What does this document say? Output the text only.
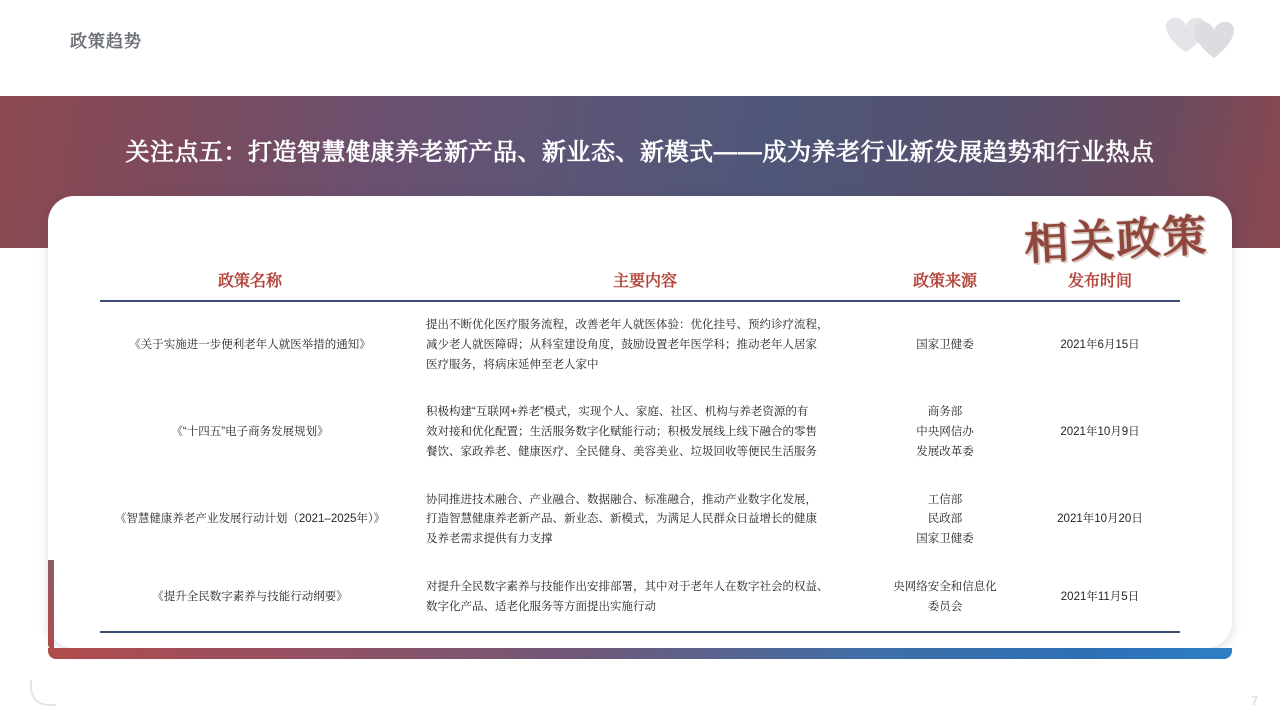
政策趋势
关注点五：打造智慧健康养老新产品、新业态、新模式——成为养老行业新发展趋势和行业热点
相关政策
政策名称	主要内容	政策来源	发布时间
《关于实施进一步便利老年人就医举措的通知》	提出不断优化医疗服务流程，改善老年人就医体验：优化挂号、预约诊疗流程，
减少老人就医障碍；从科室建设角度，鼓励设置老年医学科；推动老年人居家
医疗服务，将病床延伸至老人家中	国家卫健委	2021年6月15日
《“十四五”电子商务发展规划》	积极构建“互联网+养老”模式，实现个人、家庭、社区、机构与养老资源的有
效对接和优化配置；生活服务数字化赋能行动；积极发展线上线下融合的零售
餐饮、家政养老、健康医疗、全民健身、美容美业、垃圾回收等便民生活服务	商务部
中央网信办
发展改革委	2021年10月9日
《智慧健康养老产业发展行动计划（2021–2025年）》	协同推进技术融合、产业融合、数据融合、标准融合，推动产业数字化发展，
打造智慧健康养老新产品、新业态、新模式，为满足人民群众日益增长的健康
及养老需求提供有力支撑	工信部
民政部
国家卫健委	2021年10月20日
《提升全民数字素养与技能行动纲要》	对提升全民数字素养与技能作出安排部署，其中对于老年人在数字社会的权益、
数字化产品、适老化服务等方面提出实施行动	央网络安全和信息化
委员会	2021年11月5日
7
